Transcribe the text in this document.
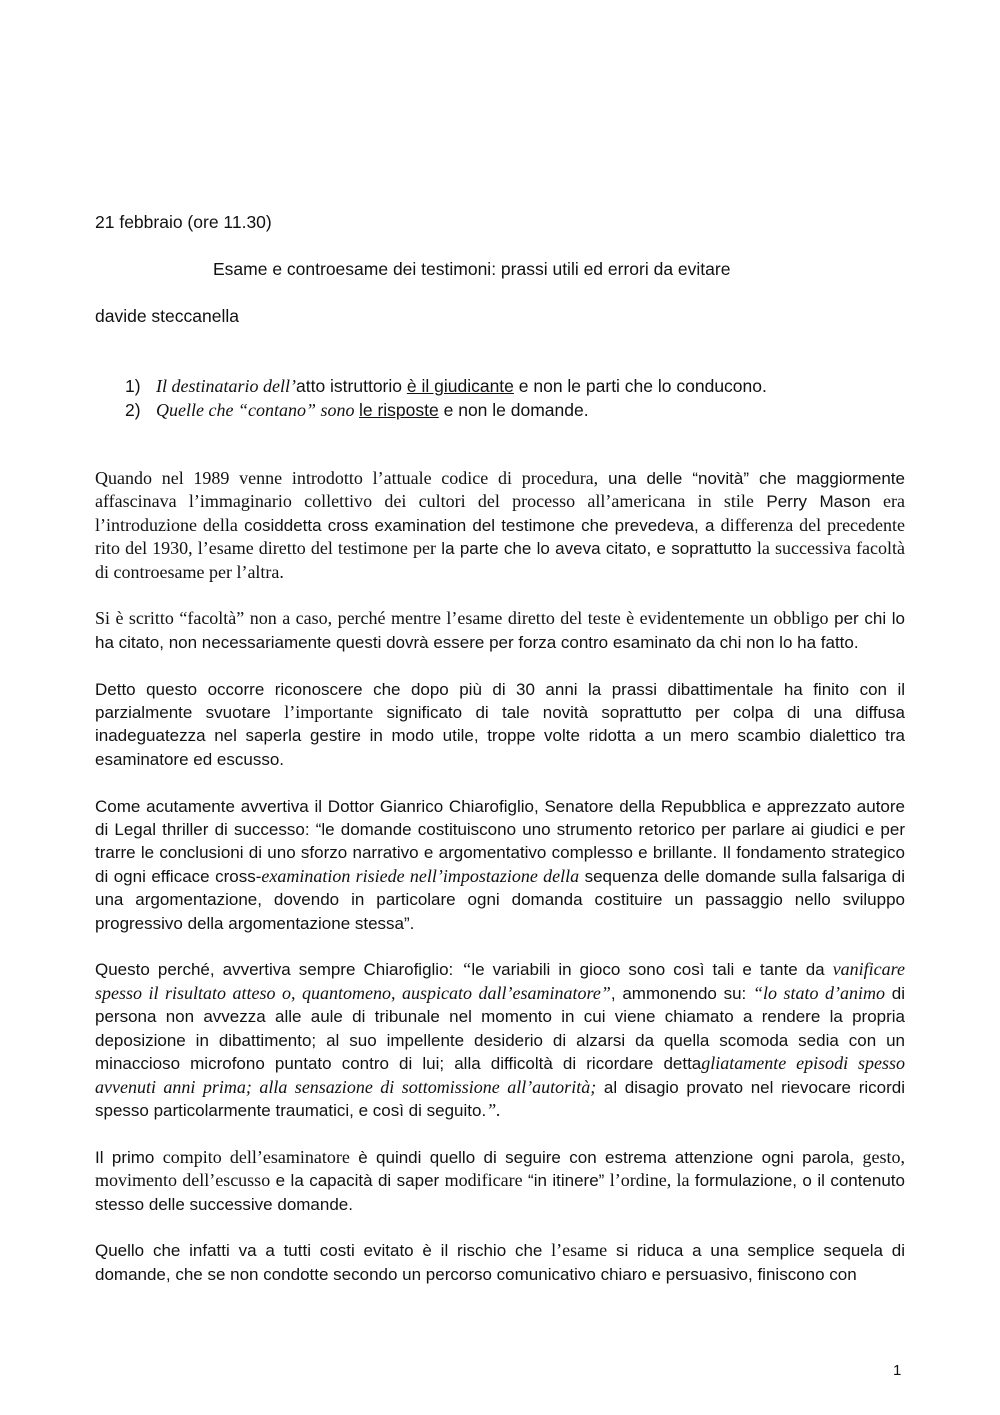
21 febbraio (ore 11.30)
Esame e controesame dei testimoni: prassi utili ed errori da evitare
davide steccanella
1) Il destinatario dell’atto istruttorio è il giudicante e non le parti che lo conducono.
2) Quelle che “contano” sono le risposte e non le domande.

Quando nel 1989 venne introdotto l’attuale codice di procedura, una delle “novità” che maggiormente affascinava l’immaginario collettivo dei cultori del processo all’americana in stile Perry Mason era l’introduzione della cosiddetta cross examination del testimone che prevedeva, a differenza del precedente rito del 1930, l’esame diretto del testimone per la parte che lo aveva citato, e soprattutto la successiva facoltà di controesame per l’altra.

Si è scritto “facoltà” non a caso, perché mentre l’esame diretto del teste è evidentemente un obbligo per chi lo ha citato, non necessariamente questi dovrà essere per forza contro esaminato da chi non lo ha fatto.

Detto questo occorre riconoscere che dopo più di 30 anni la prassi dibattimentale ha finito con il parzialmente svuotare l’importante significato di tale novità soprattutto per colpa di una diffusa inadeguatezza nel saperla gestire in modo utile, troppe volte ridotta a un mero scambio dialettico tra esaminatore ed escusso.

Come acutamente avvertiva il Dottor Gianrico Chiarofiglio, Senatore della Repubblica e apprezzato autore di Legal thriller di successo: “le domande costituiscono uno strumento retorico per parlare ai giudici e per trarre le conclusioni di uno sforzo narrativo e argomentativo complesso e brillante. Il fondamento strategico di ogni efficace cross-examination risiede nell’impostazione della sequenza delle domande sulla falsariga di una argomentazione, dovendo in particolare ogni domanda costituire un passaggio nello sviluppo progressivo della argomentazione stessa”.

Questo perché, avvertiva sempre Chiarofiglio: “le variabili in gioco sono così tali e tante da vanificare spesso il risultato atteso o, quantomeno, auspicato dall’esaminatore”, ammonendo su: “lo stato d’animo di persona non avvezza alle aule di tribunale nel momento in cui viene chiamato a rendere la propria deposizione in dibattimento; al suo impellente desiderio di alzarsi da quella scomoda sedia con un minaccioso microfono puntato contro di lui; alla difficoltà di ricordare dettagliatamente episodi spesso avvenuti anni prima; alla sensazione di sottomissione all’autorità; al disagio provato nel rievocare ricordi spesso particolarmente traumatici, e così di seguito.”.

Il primo compito dell’esaminatore è quindi quello di seguire con estrema attenzione ogni parola, gesto, movimento dell’escusso e la capacità di saper modificare “in itinere” l’ordine, la formulazione, o il contenuto stesso delle successive domande.

Quello che infatti va a tutti costi evitato è il rischio che l’esame si riduca a una semplice sequela di domande, che se non condotte secondo un percorso comunicativo chiaro e persuasivo, finiscono con

1
